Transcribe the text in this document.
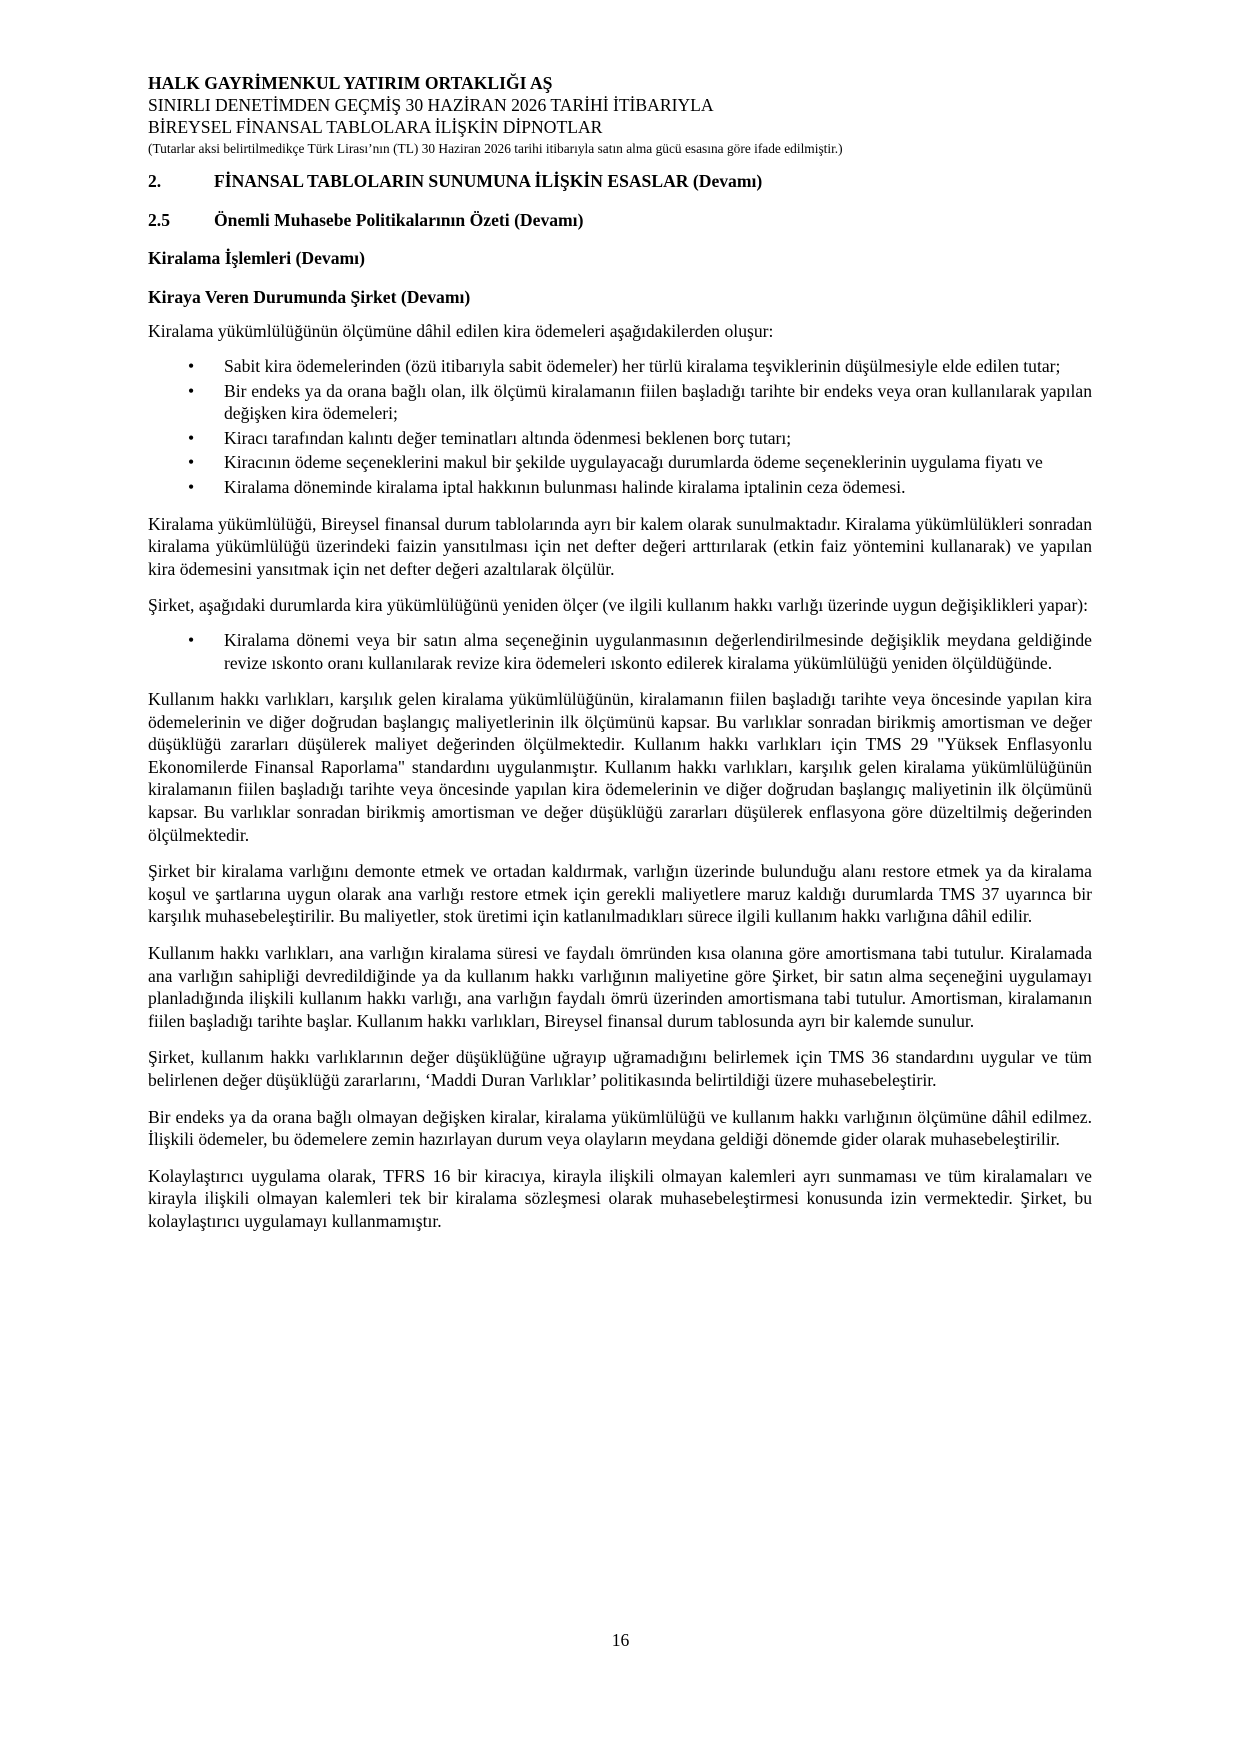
HALK GAYRİMENKUL YATIRIM ORTAKLIĞI AŞ
SINIRLI DENETİMDEN GEÇMİŞ 30 HAZİRAN 2026 TARİHİ İTİBARIYLA
BİREYSEL FİNANSAL TABLOLARA İLİŞKİN DİPNOTLAR
(Tutarlar aksi belirtilmedikçe Türk Lirası’nın (TL) 30 Haziran 2026 tarihi itibarıyla satın alma gücü esasına göre ifade edilmiştir.)
2.	FİNANSAL TABLOLARIN SUNUMUNA İLİŞKİN ESASLAR (Devamı)
2.5	Önemli Muhasebe Politikalarının Özeti (Devamı)
Kiralama İşlemleri (Devamı)
Kiraya Veren Durumunda Şirket (Devamı)

Kiralama yükümlülüğünün ölçümüne dâhil edilen kira ödemeleri aşağıdakilerden oluşur:

• Sabit kira ödemelerinden (özü itibarıyla sabit ödemeler) her türlü kiralama teşviklerinin düşülmesiyle elde edilen tutar;
• Bir endeks ya da orana bağlı olan, ilk ölçümü kiralamanın fiilen başladığı tarihte bir endeks veya oran kullanılarak yapılan değişken kira ödemeleri;
• Kiracı tarafından kalıntı değer teminatları altında ödenmesi beklenen borç tutarı;
• Kiracının ödeme seçeneklerini makul bir şekilde uygulayacağı durumlarda ödeme seçeneklerinin uygulama fiyatı ve
• Kiralama döneminde kiralama iptal hakkının bulunması halinde kiralama iptalinin ceza ödemesi.

Kiralama yükümlülüğü, Bireysel finansal durum tablolarında ayrı bir kalem olarak sunulmaktadır. Kiralama yükümlülükleri sonradan kiralama yükümlülüğü üzerindeki faizin yansıtılması için net defter değeri arttırılarak (etkin faiz yöntemini kullanarak) ve yapılan kira ödemesini yansıtmak için net defter değeri azaltılarak ölçülür.

Şirket, aşağıdaki durumlarda kira yükümlülüğünü yeniden ölçer (ve ilgili kullanım hakkı varlığı üzerinde uygun değişiklikleri yapar):

• Kiralama dönemi veya bir satın alma seçeneğinin uygulanmasının değerlendirilmesinde değişiklik meydana geldiğinde revize ıskonto oranı kullanılarak revize kira ödemeleri ıskonto edilerek kiralama yükümlülüğü yeniden ölçüldüğünde.

Kullanım hakkı varlıkları, karşılık gelen kiralama yükümlülüğünün, kiralamanın fiilen başladığı tarihte veya öncesinde yapılan kira ödemelerinin ve diğer doğrudan başlangıç maliyetlerinin ilk ölçümünü kapsar. Bu varlıklar sonradan birikmiş amortisman ve değer düşüklüğü zararları düşülerek maliyet değerinden ölçülmektedir. Kullanım hakkı varlıkları için TMS 29 "Yüksek Enflasyonlu Ekonomilerde Finansal Raporlama" standardını uygulanmıştır. Kullanım hakkı varlıkları, karşılık gelen kiralama yükümlülüğünün kiralamanın fiilen başladığı tarihte veya öncesinde yapılan kira ödemelerinin ve diğer doğrudan başlangıç maliyetinin ilk ölçümünü kapsar. Bu varlıklar sonradan birikmiş amortisman ve değer düşüklüğü zararları düşülerek enflasyona göre düzeltilmiş değerinden ölçülmektedir.

Şirket bir kiralama varlığını demonte etmek ve ortadan kaldırmak, varlığın üzerinde bulunduğu alanı restore etmek ya da kiralama koşul ve şartlarına uygun olarak ana varlığı restore etmek için gerekli maliyetlere maruz kaldığı durumlarda TMS 37 uyarınca bir karşılık muhasebeleştirilir. Bu maliyetler, stok üretimi için katlanılmadıkları sürece ilgili kullanım hakkı varlığına dâhil edilir.

Kullanım hakkı varlıkları, ana varlığın kiralama süresi ve faydalı ömründen kısa olanına göre amortismana tabi tutulur. Kiralamada ana varlığın sahipliği devredildiğinde ya da kullanım hakkı varlığının maliyetine göre Şirket, bir satın alma seçeneğini uygulamayı planladığında ilişkili kullanım hakkı varlığı, ana varlığın faydalı ömrü üzerinden amortismana tabi tutulur. Amortisman, kiralamanın fiilen başladığı tarihte başlar. Kullanım hakkı varlıkları, Bireysel finansal durum tablosunda ayrı bir kalemde sunulur.

Şirket, kullanım hakkı varlıklarının değer düşüklüğüne uğrayıp uğramadığını belirlemek için TMS 36 standardını uygular ve tüm belirlenen değer düşüklüğü zararlarını, ‘Maddi Duran Varlıklar’ politikasında belirtildiği üzere muhasebeleştirir.

Bir endeks ya da orana bağlı olmayan değişken kiralar, kiralama yükümlülüğü ve kullanım hakkı varlığının ölçümüne dâhil edilmez. İlişkili ödemeler, bu ödemelere zemin hazırlayan durum veya olayların meydana geldiği dönemde gider olarak muhasebeleştirilir.

Kolaylaştırıcı uygulama olarak, TFRS 16 bir kiracıya, kirayla ilişkili olmayan kalemleri ayrı sunmaması ve tüm kiralamaları ve kirayla ilişkili olmayan kalemleri tek bir kiralama sözleşmesi olarak muhasebeleştirmesi konusunda izin vermektedir. Şirket, bu kolaylaştırıcı uygulamayı kullanmamıştır.

16
